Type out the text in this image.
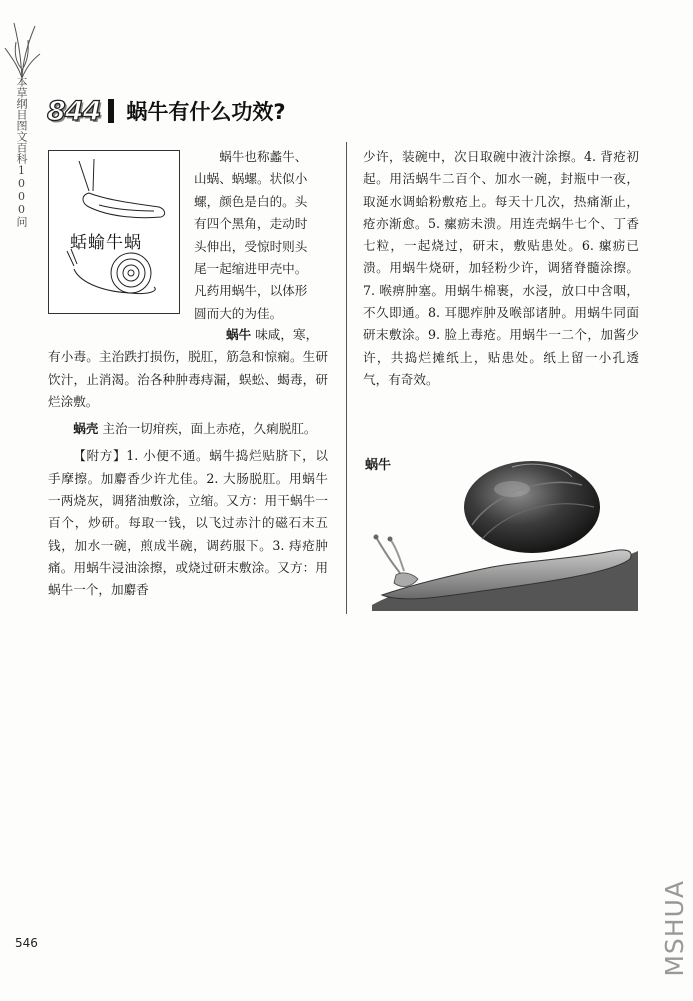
本草纲目图文百科1000问 844 蜗牛有什么功效?
蛞蝓牛蜗
蜗牛也称蠡牛、
山蜗、蜗螺。状似小
螺，颜色是白的。头
有四个黑角，走动时
头伸出，受惊时则头
尾一起缩进甲壳中。
凡药用蜗牛，以体形
圆而大的为佳。

蜗牛 味咸，寒，

有小毒。主治跌打损伤，脱肛，筋急和惊痫。生研饮汁，止消渴。治各种肿毒痔漏，蜈蚣、蝎毒，研烂涂敷。

蜗壳 主治一切疳疾，面上赤疮，久痢脱肛。

【附方】1. 小便不通。蜗牛捣烂贴脐下，以手摩擦。加麝香少许尤佳。2. 大肠脱肛。用蜗牛一两烧灰，调猪油敷涂，立缩。又方：用干蜗牛一百个，炒研。每取一钱，以飞过赤汁的磁石末五钱，加水一碗，煎成半碗，调药服下。3. 痔疮肿痛。用蜗牛浸油涂擦，或烧过研末敷涂。又方：用蜗牛一个，加麝香

少许，装碗中，次日取碗中液汁涂擦。4. 背疮初起。用活蜗牛二百个、加水一碗，封瓶中一夜，取涎水调蛤粉敷疮上。每天十几次，热痛渐止，疮亦渐愈。5. 瘰疬未溃。用连壳蜗牛七个、丁香七粒，一起烧过，研末，敷贴患处。6. 瘰疬已溃。用蜗牛烧研，加轻粉少许，调猪脊髓涂擦。7. 喉痹肿塞。用蜗牛棉裹，水浸，放口中含咽，不久即通。8. 耳腮痄肿及喉部诸肿。用蜗牛同面研末敷涂。9. 脸上毒疮。用蜗牛一二个，加酱少许，共捣烂摊纸上，贴患处。纸上留一小孔透气，有奇效。
蜗牛
546	MSHUA
